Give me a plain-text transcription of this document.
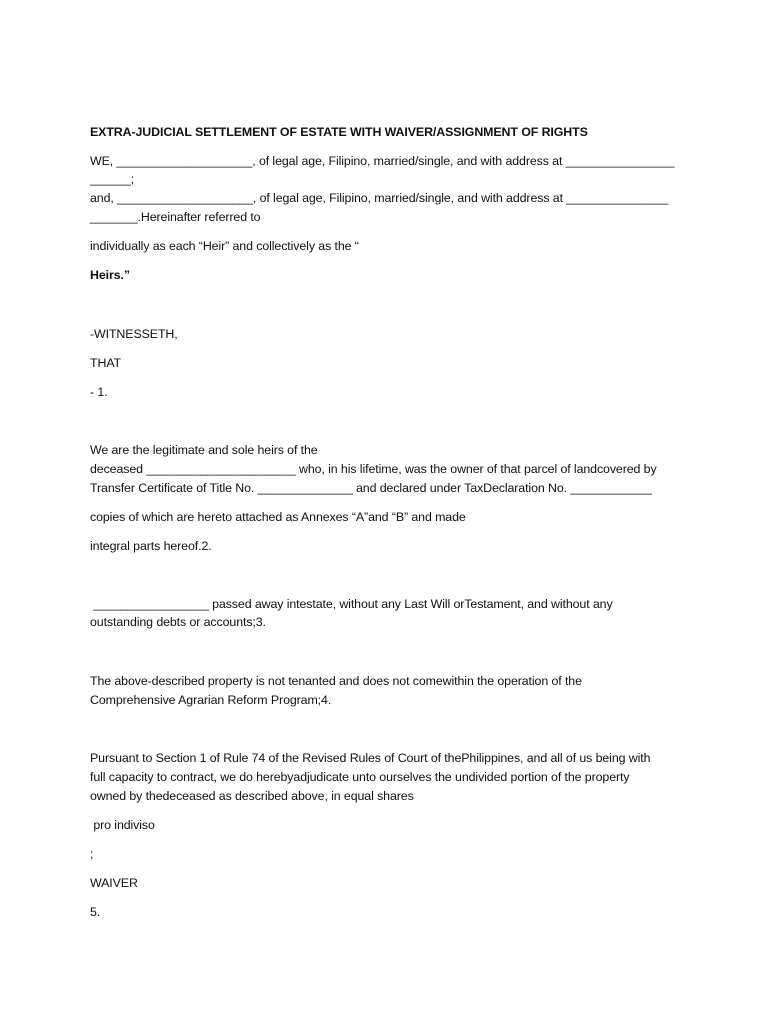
EXTRA-JUDICIAL SETTLEMENT OF ESTATE WITH WAIVER/ASSIGNMENT OF RIGHTS
WE, ____________________, of legal age, Filipino, married/single, and with address at ________________
______;
and, ____________________, of legal age, Filipino, married/single, and with address at _______________
_______.Hereinafter referred to
individually as each “Heir” and collectively as the “
Heirs.”
-WITNESSETH,
THAT
- 1.
We are the legitimate and sole heirs of the
deceased ______________________ who, in his lifetime, was the owner of that parcel of landcovered by
Transfer Certificate of Title No. ______________ and declared under TaxDeclaration No. ____________
copies of which are hereto attached as Annexes “A”and “B” and made
integral parts hereof.2.
_________________ passed away intestate, without any Last Will orTestament, and without any
outstanding debts or accounts;3.
The above-described property is not tenanted and does not comewithin the operation of the
Comprehensive Agrarian Reform Program;4.
Pursuant to Section 1 of Rule 74 of the Revised Rules of Court of thePhilippines, and all of us being with
full capacity to contract, we do herebyadjudicate unto ourselves the undivided portion of the property
owned by thedeceased as described above, in equal shares
pro indiviso
;
WAIVER
5.
